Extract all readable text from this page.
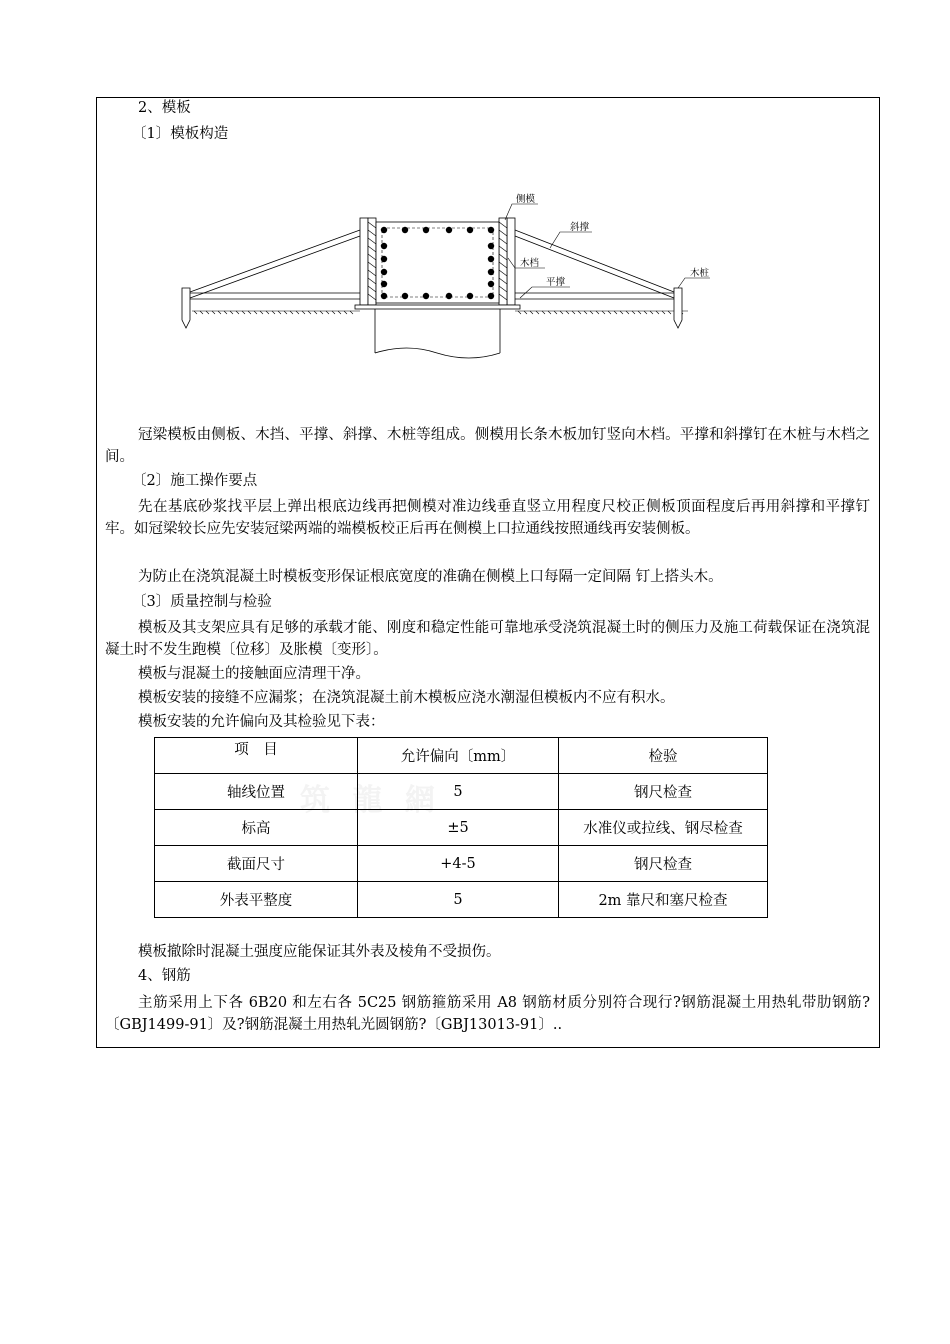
2、模板
〔1〕模板构造
侧模
斜撑
木档
木桩
平撑
冠梁模板由侧板、木挡、平撑、斜撑、木桩等组成。侧模用长条木板加钉竖向木档。平撑和斜撑钉在木桩与木档之间。
〔2〕施工操作要点
先在基底砂浆找平层上弹出根底边线再把侧模对准边线垂直竖立用程度尺校正侧板顶面程度后再用斜撑和平撑钉牢。如冠梁较长应先安装冠梁两端的端模板校正后再在侧模上口拉通线按照通线再安装侧板。
为防止在浇筑混凝土时模板变形保证根底宽度的准确在侧模上口每隔一定间隔 钉上搭头木。
〔3〕质量控制与检验
模板及其支架应具有足够的承载才能、刚度和稳定性能可靠地承受浇筑混凝土时的侧压力及施工荷载保证在浇筑混凝土时不发生跑模〔位移〕及胀模〔变形〕。
模板与混凝土的接触面应清理干净。
模板安装的接缝不应漏浆；在浇筑混凝土前木模板应浇水潮湿但模板内不应有积水。
模板安装的允许偏向及其检验见下表：
筑 龍 網
项　目	允许偏向〔mm〕	检验
轴线位置	5	钢尺检查
标高	±5	水准仪或拉线、钢尽检查
截面尺寸	+4-5	钢尺检查
外表平整度	5	2m 靠尺和塞尺检查
模板撤除时混凝土强度应能保证其外表及棱角不受损伤。
4、钢筋
主筋采用上下各 6B20 和左右各 5C25 钢筋箍筋采用 A8 钢筋材质分别符合现行?钢筋混凝土用热轧带肋钢筋?〔GBJ1499-91〕及?钢筋混凝土用热轧光圆钢筋?〔GBJ13013-91〕..
